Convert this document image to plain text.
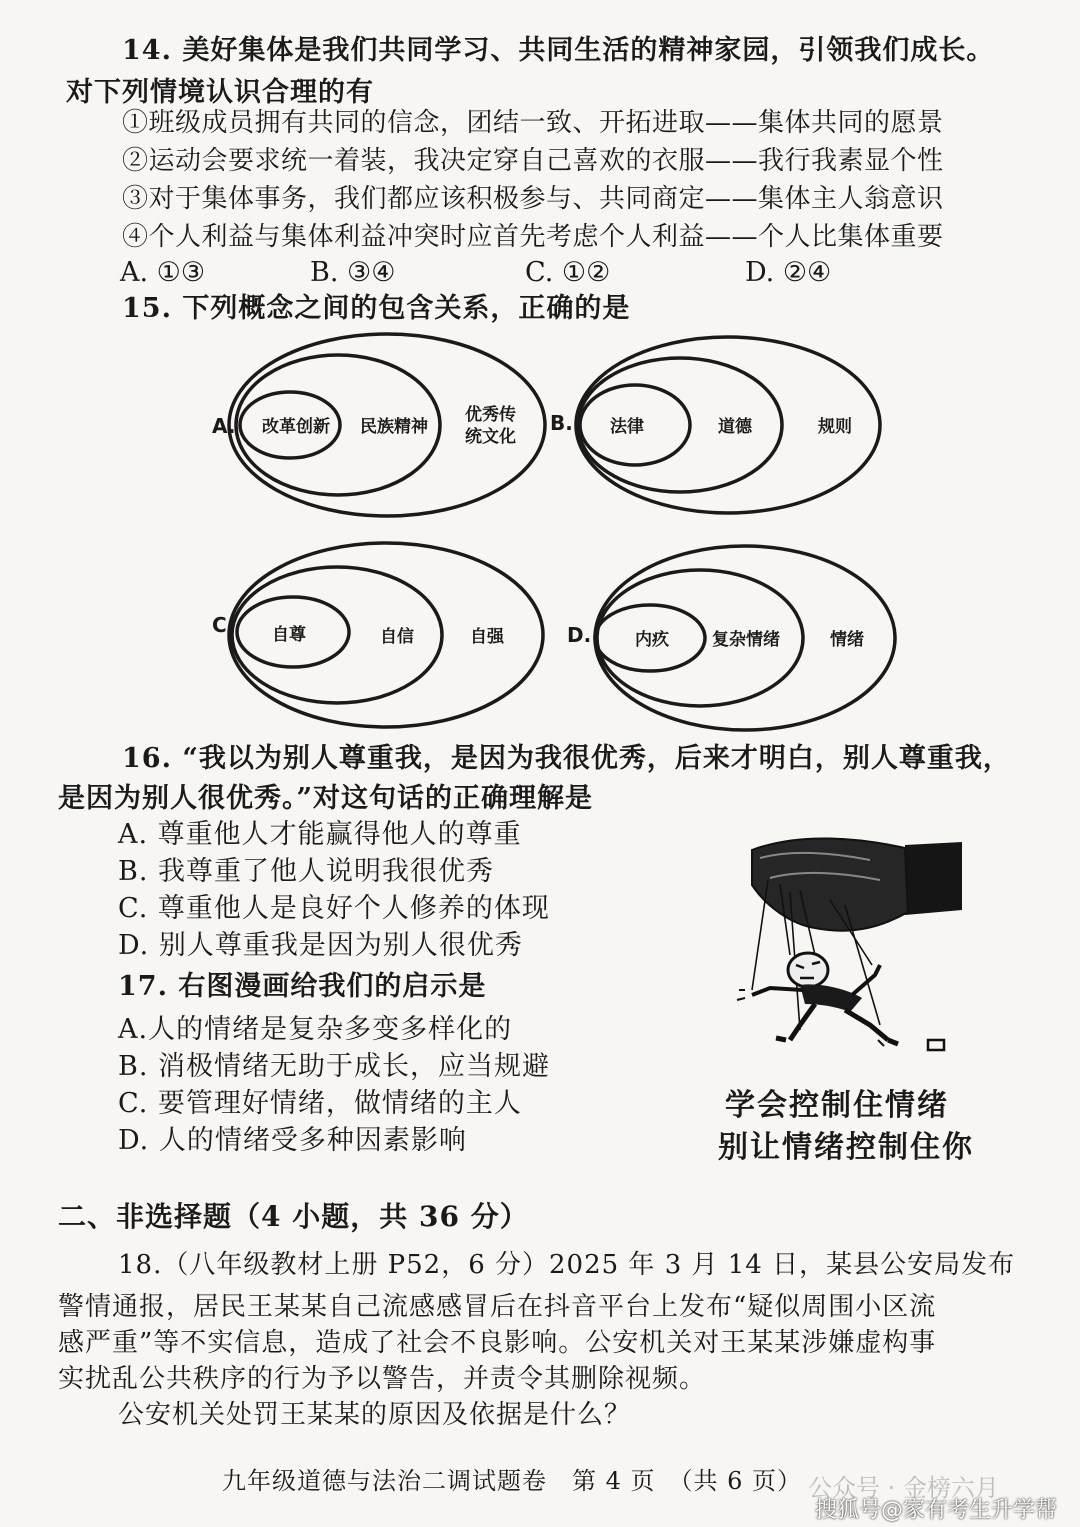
14. 美好集体是我们共同学习、共同生活的精神家园，引领我们成长。
对下列情境认识合理的有
①班级成员拥有共同的信念，团结一致、开拓进取——集体共同的愿景
②运动会要求统一着装，我决定穿自己喜欢的衣服——我行我素显个性
③对于集体事务，我们都应该积极参与、共同商定——集体主人翁意识
④个人利益与集体利益冲突时应首先考虑个人利益——个人比集体重要
A. ①③	B. ③④	C. ①②	D. ②④
15. 下列概念之间的包含关系，正确的是
A. 改革创新 民族精神
优秀传
统文化
B. 法律	道德	规则
C. 自尊	自信	自强	D.	内疚	复杂情绪	情绪
16. “我以为别人尊重我，是因为我很优秀，后来才明白，别人尊重我，
是因为别人很优秀。”对这句话的正确理解是
A. 尊重他人才能赢得他人的尊重
B. 我尊重了他人说明我很优秀
C. 尊重他人是良好个人修养的体现
D. 别人尊重我是因为别人很优秀
17. 右图漫画给我们的启示是
A.人的情绪是复杂多变多样化的
B. 消极情绪无助于成长，应当规避
C. 要管理好情绪，做情绪的主人
D. 人的情绪受多种因素影响
学会控制住情绪
别让情绪控制住你
二、非选择题（4 小题，共 36 分）
18.（八年级教材上册 P52，6 分）2025 年 3 月 14 日，某县公安局发布
警情通报，居民王某某自己流感感冒后在抖音平台上发布“疑似周围小区流
感严重”等不实信息，造成了社会不良影响。公安机关对王某某涉嫌虚构事
实扰乱公共秩序的行为予以警告，并责令其删除视频。
公安机关处罚王某某的原因及依据是什么？
九年级道德与法治二调试题卷　第 4 页　（共 6 页） 公众号 · 金榜六月
搜狐号@家有考生升学帮
